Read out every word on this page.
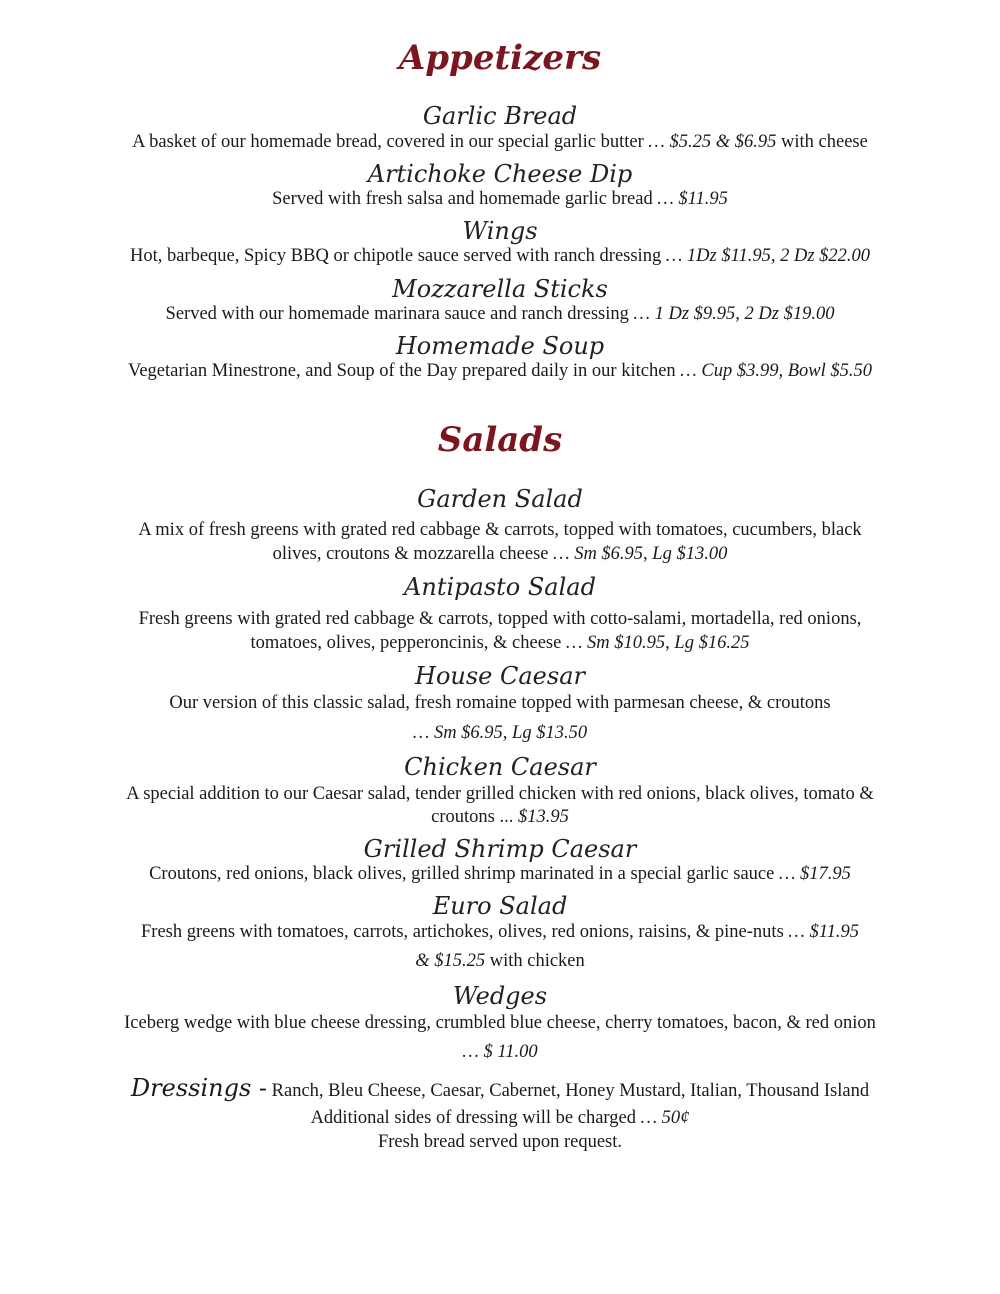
Appetizers
Garlic Bread
A basket of our homemade bread, covered in our special garlic butter … $5.25 & $6.95 with cheese
Artichoke Cheese Dip
Served with fresh salsa and homemade garlic bread … $11.95
Wings
Hot, barbeque, Spicy BBQ or chipotle sauce served with ranch dressing … 1Dz $11.95, 2 Dz $22.00
Mozzarella Sticks
Served with our homemade marinara sauce and ranch dressing … 1 Dz $9.95, 2 Dz $19.00
Homemade Soup
Vegetarian Minestrone, and Soup of the Day prepared daily in our kitchen … Cup $3.99, Bowl $5.50
Salads
Garden Salad
A mix of fresh greens with grated red cabbage & carrots, topped with tomatoes, cucumbers, black
olives, croutons & mozzarella cheese … Sm $6.95, Lg $13.00
Antipasto Salad
Fresh greens with grated red cabbage & carrots, topped with cotto-salami, mortadella, red onions,
tomatoes, olives, pepperoncinis, & cheese … Sm $10.95, Lg $16.25
House Caesar
Our version of this classic salad, fresh romaine topped with parmesan cheese, & croutons
… Sm $6.95, Lg $13.50
Chicken Caesar
A special addition to our Caesar salad, tender grilled chicken with red onions, black olives, tomato &
croutons ... $13.95
Grilled Shrimp Caesar
Croutons, red onions, black olives, grilled shrimp marinated in a special garlic sauce … $17.95
Euro Salad
Fresh greens with tomatoes, carrots, artichokes, olives, red onions, raisins, & pine-nuts … $11.95
& $15.25 with chicken
Wedges
Iceberg wedge with blue cheese dressing, crumbled blue cheese, cherry tomatoes, bacon, & red onion
… $ 11.00
Dressings - Ranch, Bleu Cheese, Caesar, Cabernet, Honey Mustard, Italian, Thousand Island
Additional sides of dressing will be charged … 50¢
Fresh bread served upon request.
